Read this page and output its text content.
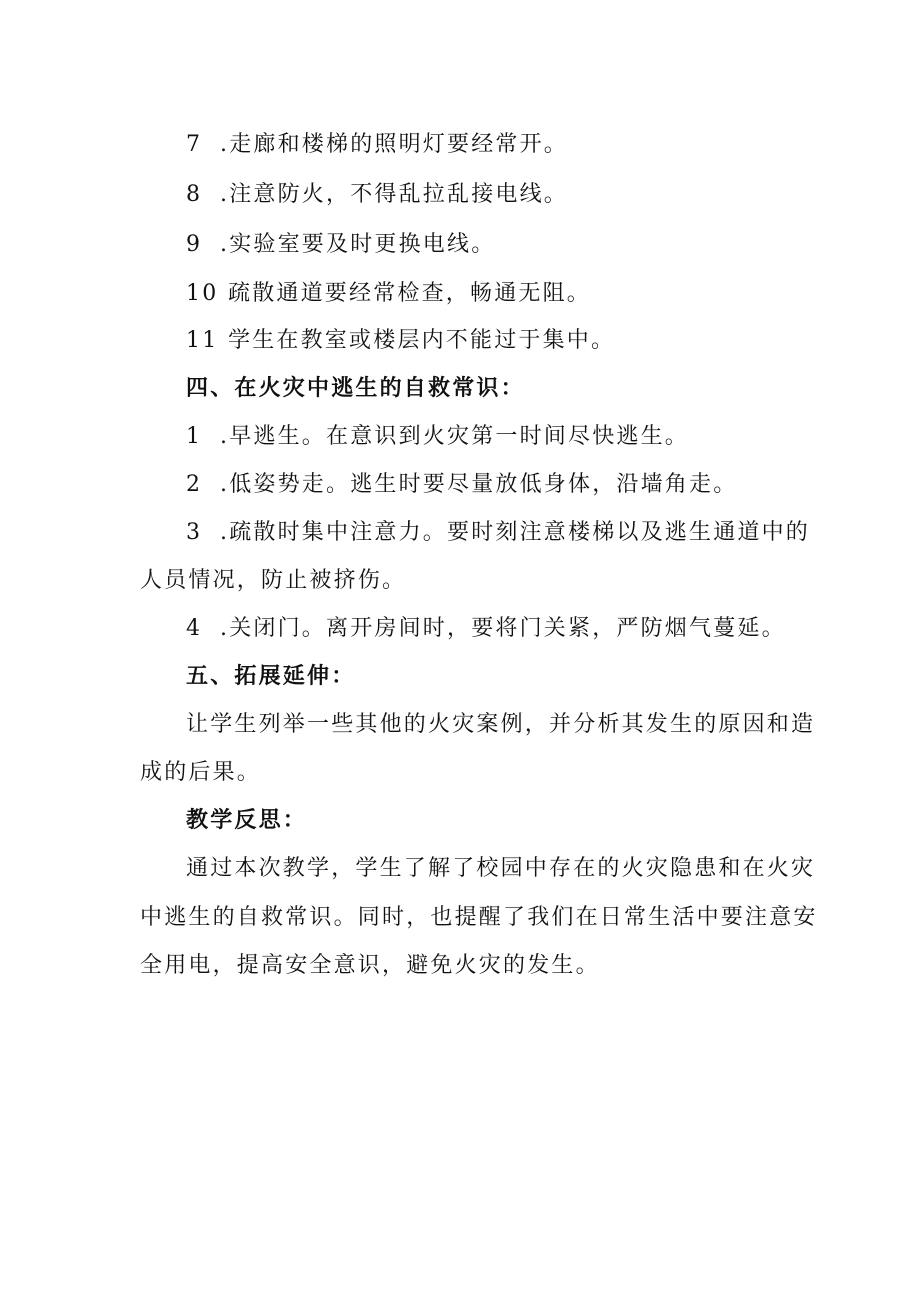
7 .走廊和楼梯的照明灯要经常开。
8 .注意防火，不得乱拉乱接电线。
9 .实验室要及时更换电线。
10 疏散通道要经常检查，畅通无阻。
11 学生在教室或楼层内不能过于集中。
四、在火灾中逃生的自救常识：
1 .早逃生。在意识到火灾第一时间尽快逃生。
2 .低姿势走。逃生时要尽量放低身体，沿墙角走。
3 .疏散时集中注意力。要时刻注意楼梯以及逃生通道中的
人员情况，防止被挤伤。
4 .关闭门。离开房间时，要将门关紧，严防烟气蔓延。
五、拓展延伸：
让学生列举一些其他的火灾案例，并分析其发生的原因和造
成的后果。
教学反思：
通过本次教学，学生了解了校园中存在的火灾隐患和在火灾
中逃生的自救常识。同时，也提醒了我们在日常生活中要注意安
全用电，提高安全意识，避免火灾的发生。
